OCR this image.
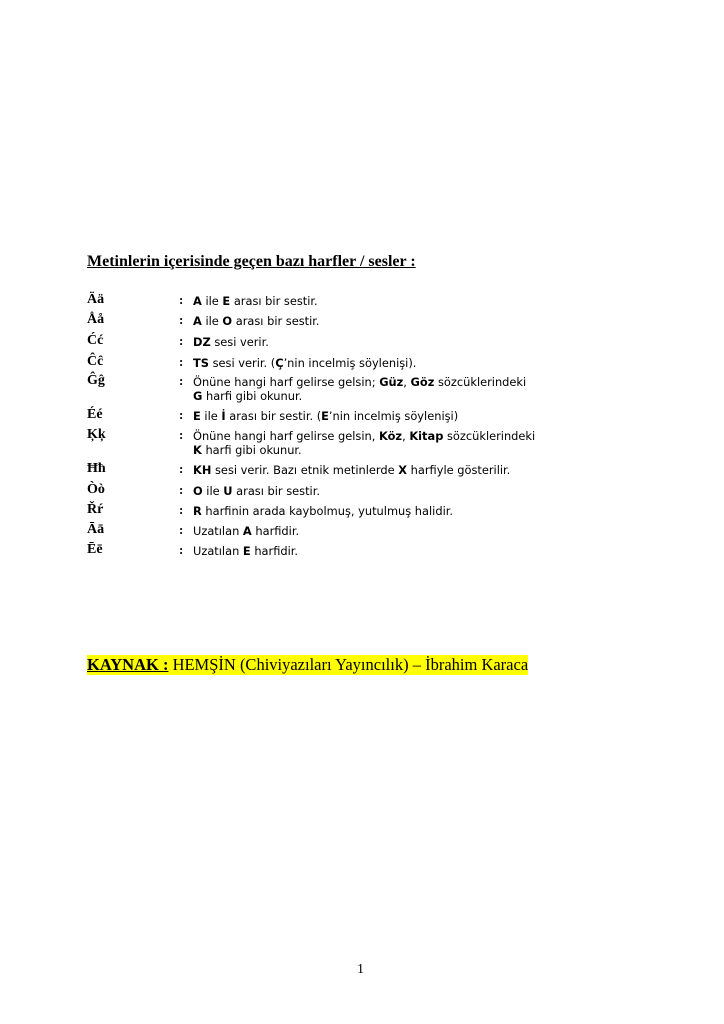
Metinlerin içerisinde geçen bazı harfler / sesler :
Ää	: A ile E arası bir sestir.
Åå	: A ile O arası bir sestir.
Ćć	: DZ sesi verir.
Ĉĉ	: TS sesi verir. (Ç’nin incelmiş söylenişi).
Ĝĝ	: Önüne hangi harf gelirse gelsin; Güz, Göz sözcüklerindeki
G harfi gibi okunur.
Éé	: E ile İ arası bir sestir. (E’nin incelmiş söylenişi)
Ķķ	: Önüne hangi harf gelirse gelsin, Köz, Kitap sözcüklerindeki
K harfi gibi okunur.
Ħħ	: KH sesi verir. Bazı etnik metinlerde X harfiyle gösterilir.
Òò	: O ile U arası bir sestir.
Řŕ	: R harfinin arada kaybolmuş, yutulmuş halidir.
Āā	: Uzatılan A harfidir.
Ēē	: Uzatılan E harfidir.
KAYNAK : HEMŞİN (Chiviyazıları Yayıncılık) – İbrahim Karaca
1
